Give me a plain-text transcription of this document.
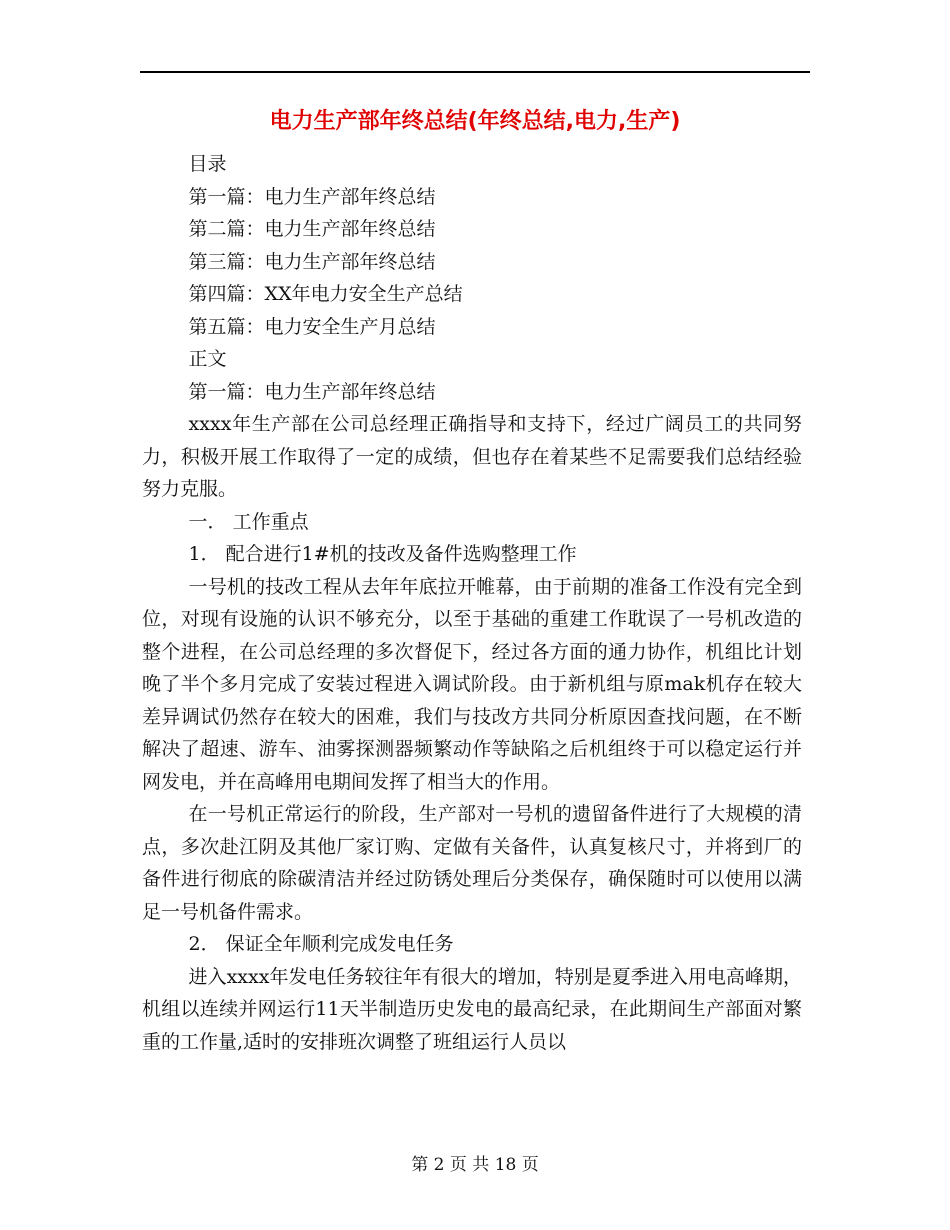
电力生产部年终总结(年终总结,电力,生产)

目录

第一篇：电力生产部年终总结

第二篇：电力生产部年终总结

第三篇：电力生产部年终总结

第四篇：XX年电力安全生产总结

第五篇：电力安全生产月总结

正文

第一篇：电力生产部年终总结

xxxx年生产部在公司总经理正确指导和支持下，经过广阔员工的共同努力，积极开展工作取得了一定的成绩，但也存在着某些不足需要我们总结经验努力克服。

一． 工作重点

1． 配合进行1#机的技改及备件选购整理工作

一号机的技改工程从去年年底拉开帷幕，由于前期的准备工作没有完全到位，对现有设施的认识不够充分，以至于基础的重建工作耽误了一号机改造的整个进程，在公司总经理的多次督促下，经过各方面的通力协作，机组比计划晚了半个多月完成了安装过程进入调试阶段。由于新机组与原mak机存在较大差异调试仍然存在较大的困难，我们与技改方共同分析原因查找问题，在不断解决了超速、游车、油雾探测器频繁动作等缺陷之后机组终于可以稳定运行并网发电，并在高峰用电期间发挥了相当大的作用。

在一号机正常运行的阶段，生产部对一号机的遗留备件进行了大规模的清点，多次赴江阴及其他厂家订购、定做有关备件，认真复核尺寸，并将到厂的备件进行彻底的除碳清洁并经过防锈处理后分类保存，确保随时可以使用以满足一号机备件需求。

2． 保证全年顺利完成发电任务

进入xxxx年发电任务较往年有很大的增加，特别是夏季进入用电高峰期，机组以连续并网运行11天半制造历史发电的最高纪录，在此期间生产部面对繁重的工作量,适时的安排班次调整了班组运行人员以

第 2 页 共 18 页
